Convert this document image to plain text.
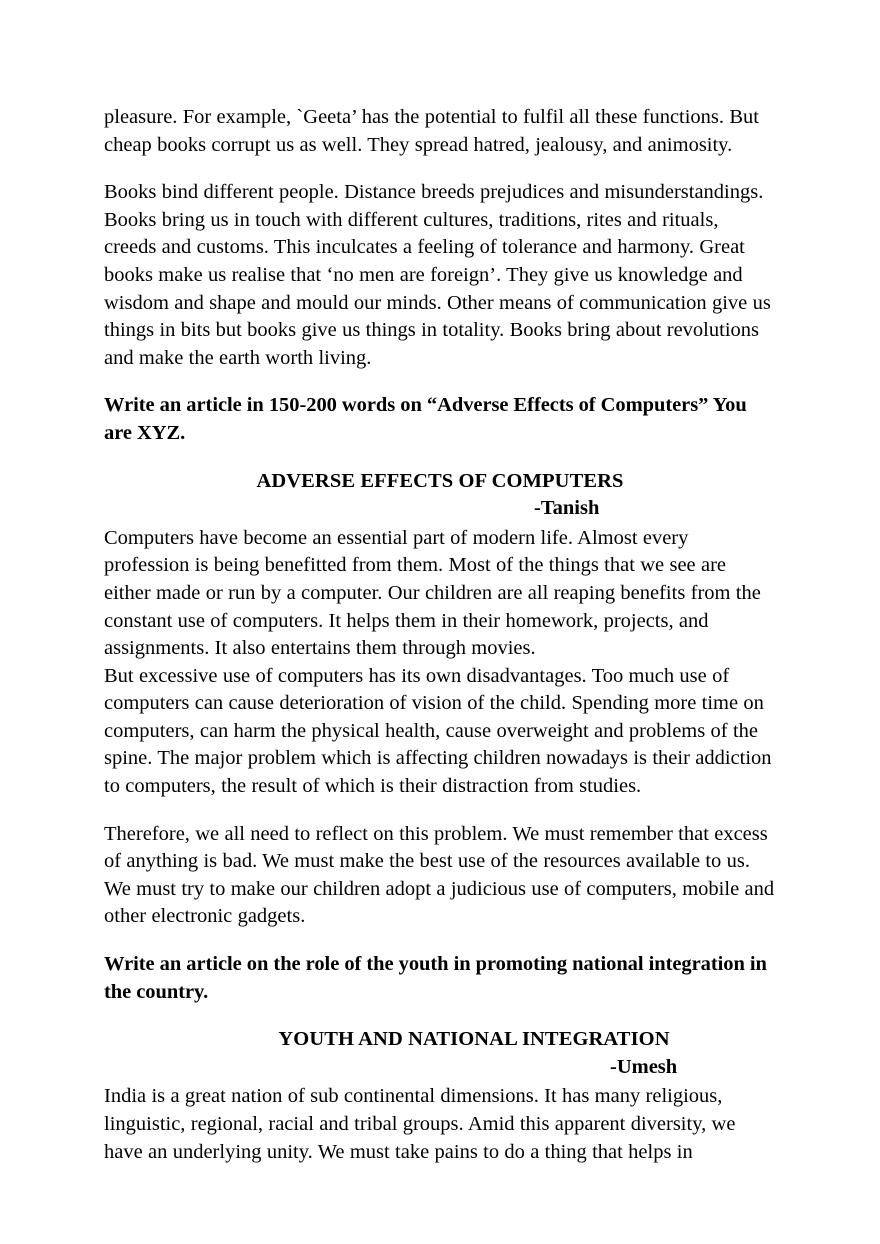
pleasure. For example, `Geeta’ has the potential to fulfil all these functions. But cheap books corrupt us as well. They spread hatred, jealousy, and animosity.

Books bind different people. Distance breeds prejudices and misunderstandings. Books bring us in touch with different cultures, traditions, rites and rituals, creeds and customs. This inculcates a feeling of tolerance and harmony. Great books make us realise that ‘no men are foreign’. They give us knowledge and wisdom and shape and mould our minds. Other means of communication give us things in bits but books give us things in totality. Books bring about revolutions and make the earth worth living.

Write an article in 150-200 words on “Adverse Effects of Computers” You are XYZ.

ADVERSE EFFECTS OF COMPUTERS

-Tanish

Computers have become an essential part of modern life. Almost every profession is being benefitted from them. Most of the things that we see are either made or run by a computer. Our children are all reaping benefits from the constant use of computers. It helps them in their homework, projects, and assignments. It also entertains them through movies.

But excessive use of computers has its own disadvantages. Too much use of computers can cause deterioration of vision of the child. Spending more time on computers, can harm the physical health, cause overweight and problems of the spine. The major problem which is affecting children nowadays is their addiction to computers, the result of which is their distraction from studies.

Therefore, we all need to reflect on this problem. We must remember that excess of anything is bad. We must make the best use of the resources available to us. We must try to make our children adopt a judicious use of computers, mobile and other electronic gadgets.

Write an article on the role of the youth in promoting national integration in the country.

YOUTH AND NATIONAL INTEGRATION

-Umesh

India is a great nation of sub continental dimensions. It has many religious, linguistic, regional, racial and tribal groups. Amid this apparent diversity, we have an underlying unity. We must take pains to do a thing that helps in
